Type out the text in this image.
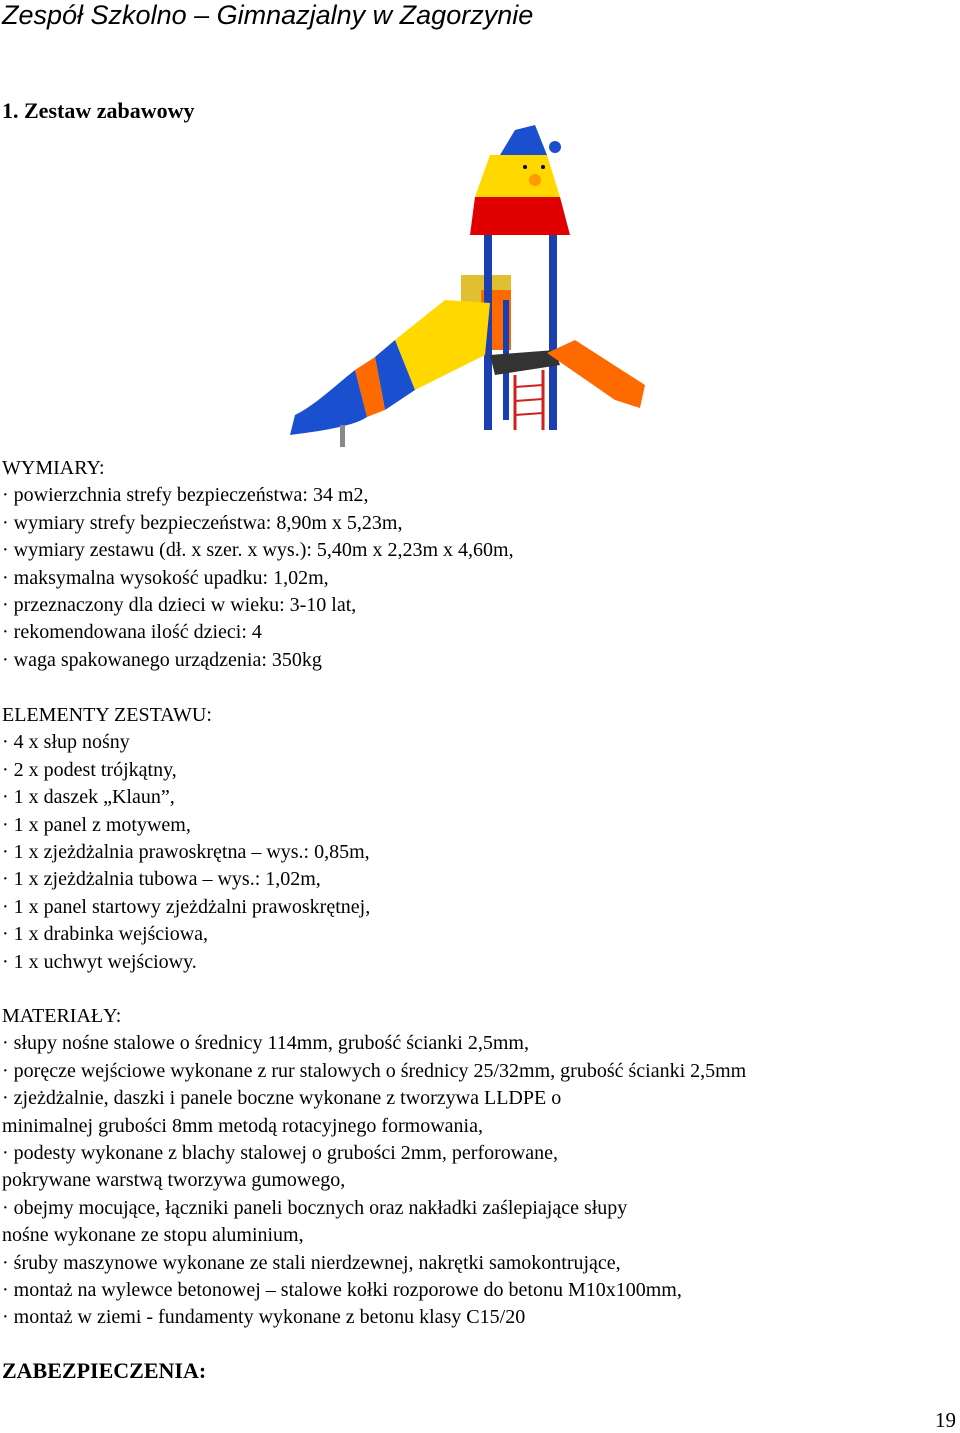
Zespół Szkolno – Gimnazjalny w Zagorzynie
1. Zestaw zabawowy
WYMIARY:
· powierzchnia strefy bezpieczeństwa: 34 m2,
· wymiary strefy bezpieczeństwa: 8,90m x 5,23m,
· wymiary zestawu (dł. x szer. x wys.): 5,40m x 2,23m x 4,60m,
· maksymalna wysokość upadku: 1,02m,
· przeznaczony dla dzieci w wieku: 3-10 lat,
· rekomendowana ilość dzieci: 4
· waga spakowanego urządzenia: 350kg
ELEMENTY ZESTAWU:
· 4 x słup nośny
· 2 x podest trójkątny,
· 1 x daszek „Klaun”,
· 1 x panel z motywem,
· 1 x zjeżdżalnia prawoskrętna – wys.: 0,85m,
· 1 x zjeżdżalnia tubowa – wys.: 1,02m,
· 1 x panel startowy zjeżdżalni prawoskrętnej,
· 1 x drabinka wejściowa,
· 1 x uchwyt wejściowy.
MATERIAŁY:
· słupy nośne stalowe o średnicy 114mm, grubość ścianki 2,5mm,
· poręcze wejściowe wykonane z rur stalowych o średnicy 25/32mm, grubość ścianki 2,5mm
· zjeżdżalnie, daszki i panele boczne wykonane z tworzywa LLDPE o
minimalnej grubości 8mm metodą rotacyjnego formowania,
· podesty wykonane z blachy stalowej o grubości 2mm, perforowane,
pokrywane warstwą tworzywa gumowego,
· obejmy mocujące, łączniki paneli bocznych oraz nakładki zaślepiające słupy
nośne wykonane ze stopu aluminium,
· śruby maszynowe wykonane ze stali nierdzewnej, nakrętki samokontrujące,
· montaż na wylewce betonowej – stalowe kołki rozporowe do betonu M10x100mm,
· montaż w ziemi - fundamenty wykonane z betonu klasy C15/20
ZABEZPIECZENIA:
19
